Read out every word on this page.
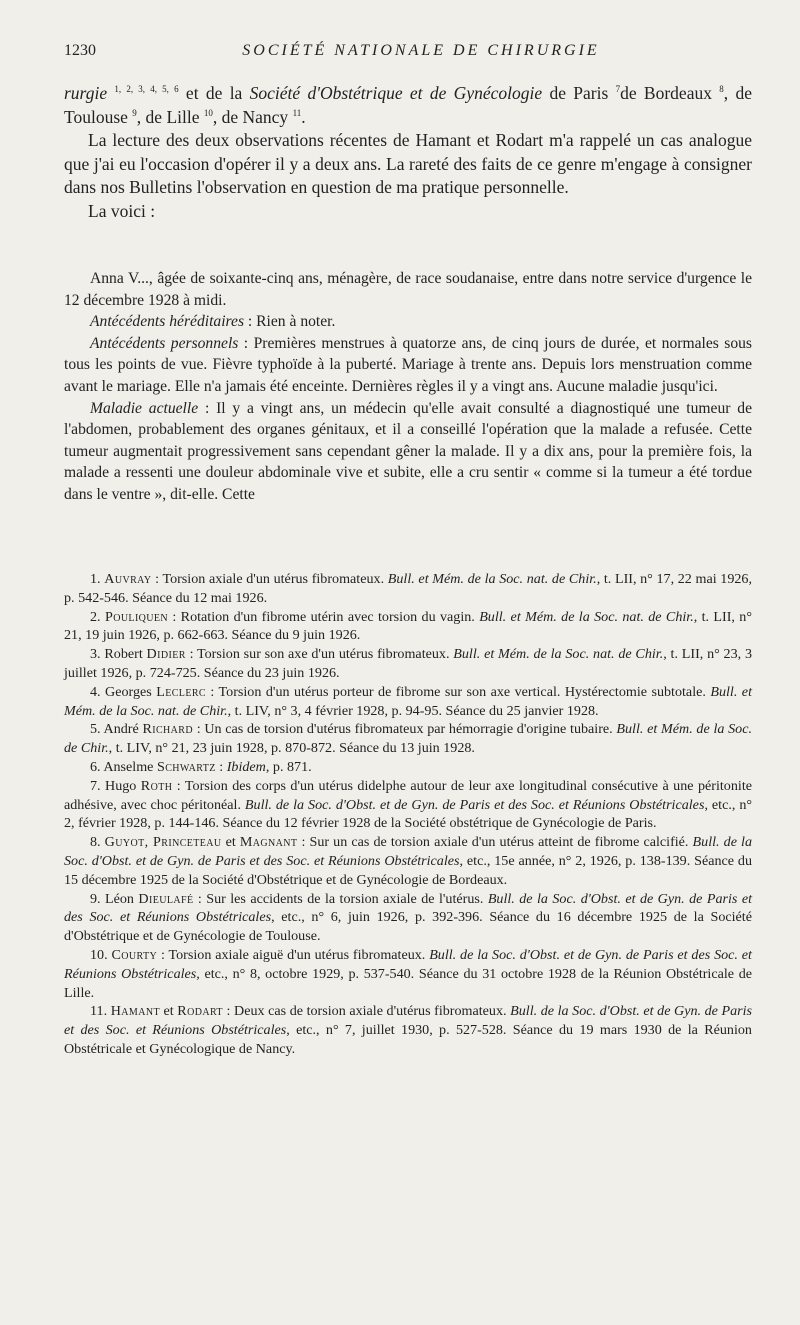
1230	SOCIÉTÉ NATIONALE DE CHIRURGIE

rurgie $^{1, 2, 3, 4, 5, 6}$ et de la Société d'Obstétrique et de Gynécologie de Paris $^7$de Bordeaux $^8$, de Toulouse $^9$, de Lille $^{10}$, de Nancy $^{11}$.

La lecture des deux observations récentes de Hamant et Rodart m'a rappelé un cas analogue que j'ai eu l'occasion d'opérer il y a deux ans. La rareté des faits de ce genre m'engage à consigner dans nos Bulletins l'observation en question de ma pratique personnelle.

La voici :

Anna V..., âgée de soixante-cinq ans, ménagère, de race soudanaise, entre dans notre service d'urgence le 12 décembre 1928 à midi.

Antécédents héréditaires : Rien à noter.

Antécédents personnels : Premières menstrues à quatorze ans, de cinq jours de durée, et normales sous tous les points de vue. Fièvre typhoïde à la puberté. Mariage à trente ans. Depuis lors menstruation comme avant le mariage. Elle n'a jamais été enceinte. Dernières règles il y a vingt ans. Aucune maladie jusqu'ici.

Maladie actuelle : Il y a vingt ans, un médecin qu'elle avait consulté a diagnostiqué une tumeur de l'abdomen, probablement des organes génitaux, et il a conseillé l'opération que la malade a refusée. Cette tumeur augmentait progressivement sans cependant gêner la malade. Il y a dix ans, pour la première fois, la malade a ressenti une douleur abdominale vive et subite, elle a cru sentir « comme si la tumeur a été tordue dans le ventre », dit-elle. Cette

1. Auvray : Torsion axiale d'un utérus fibromateux. Bull. et Mém. de la Soc. nat. de Chir., t. LII, n° 17, 22 mai 1926, p. 542-546. Séance du 12 mai 1926.

2. Pouliquen : Rotation d'un fibrome utérin avec torsion du vagin. Bull. et Mém. de la Soc. nat. de Chir., t. LII, n° 21, 19 juin 1926, p. 662-663. Séance du 9 juin 1926.

3. Robert Didier : Torsion sur son axe d'un utérus fibromateux. Bull. et Mém. de la Soc. nat. de Chir., t. LII, n° 23, 3 juillet 1926, p. 724-725. Séance du 23 juin 1926.

4. Georges Leclerc : Torsion d'un utérus porteur de fibrome sur son axe vertical. Hystérectomie subtotale. Bull. et Mém. de la Soc. nat. de Chir., t. LIV, n° 3, 4 février 1928, p. 94-95. Séance du 25 janvier 1928.

5. André Richard : Un cas de torsion d'utérus fibromateux par hémorragie d'origine tubaire. Bull. et Mém. de la Soc. de Chir., t. LIV, n° 21, 23 juin 1928, p. 870-872. Séance du 13 juin 1928.

6. Anselme Schwartz : Ibidem, p. 871.

7. Hugo Roth : Torsion des corps d'un utérus didelphe autour de leur axe longitudinal consécutive à une péritonite adhésive, avec choc péritonéal. Bull. de la Soc. d'Obst. et de Gyn. de Paris et des Soc. et Réunions Obstétricales, etc., n° 2, février 1928, p. 144-146. Séance du 12 février 1928 de la Société obstétrique de Gynécologie de Paris.

8. Guyot, Princeteau et Magnant : Sur un cas de torsion axiale d'un utérus atteint de fibrome calcifié. Bull. de la Soc. d'Obst. et de Gyn. de Paris et des Soc. et Réunions Obstétricales, etc., 15e année, n° 2, 1926, p. 138-139. Séance du 15 décembre 1925 de la Société d'Obstétrique et de Gynécologie de Bordeaux.

9. Léon Dieulafé : Sur les accidents de la torsion axiale de l'utérus. Bull. de la Soc. d'Obst. et de Gyn. de Paris et des Soc. et Réunions Obstétricales, etc., n° 6, juin 1926, p. 392-396. Séance du 16 décembre 1925 de la Société d'Obstétrique et de Gynécologie de Toulouse.

10. Courty : Torsion axiale aiguë d'un utérus fibromateux. Bull. de la Soc. d'Obst. et de Gyn. de Paris et des Soc. et Réunions Obstétricales, etc., n° 8, octobre 1929, p. 537-540. Séance du 31 octobre 1928 de la Réunion Obstétricale de Lille.

11. Hamant et Rodart : Deux cas de torsion axiale d'utérus fibromateux. Bull. de la Soc. d'Obst. et de Gyn. de Paris et des Soc. et Réunions Obstétricales, etc., n° 7, juillet 1930, p. 527-528. Séance du 19 mars 1930 de la Réunion Obstétricale et Gynécologique de Nancy.
